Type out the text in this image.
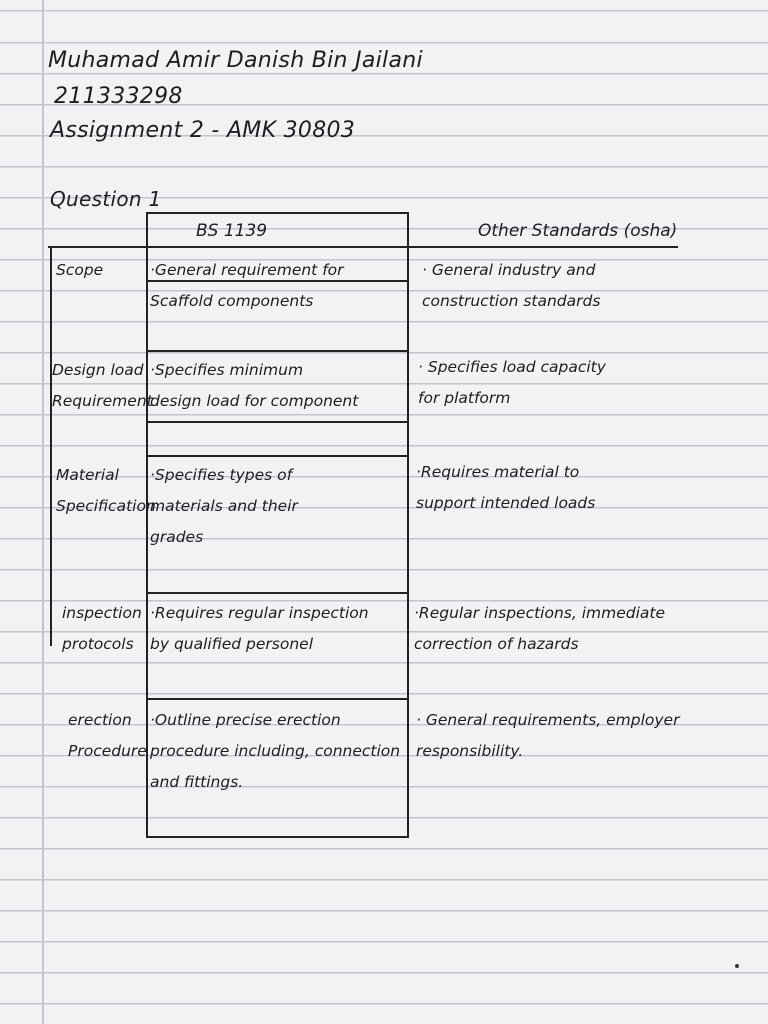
Muhamad Amir Danish Bin Jailani

211333298

Assignment 2 - AMK 30803

Question 1

BS 1139	Other Standards (osha)

Scope	·General requirement for
Scaffold components

· General industry and
construction standards

Design load
Requirement

·Specifies minimum
design load for component

· Specifies load capacity
for platform

Material
Specification

·Specifies types of
materials and their
grades

·Requires material to
support intended loads

inspection
protocols

·Requires regular inspection
by qualified personel

·Regular inspections, immediate
correction of hazards

erection
Procedure

·Outline precise erection
procedure including, connection
and fittings.

· General requirements, employer
responsibility.
